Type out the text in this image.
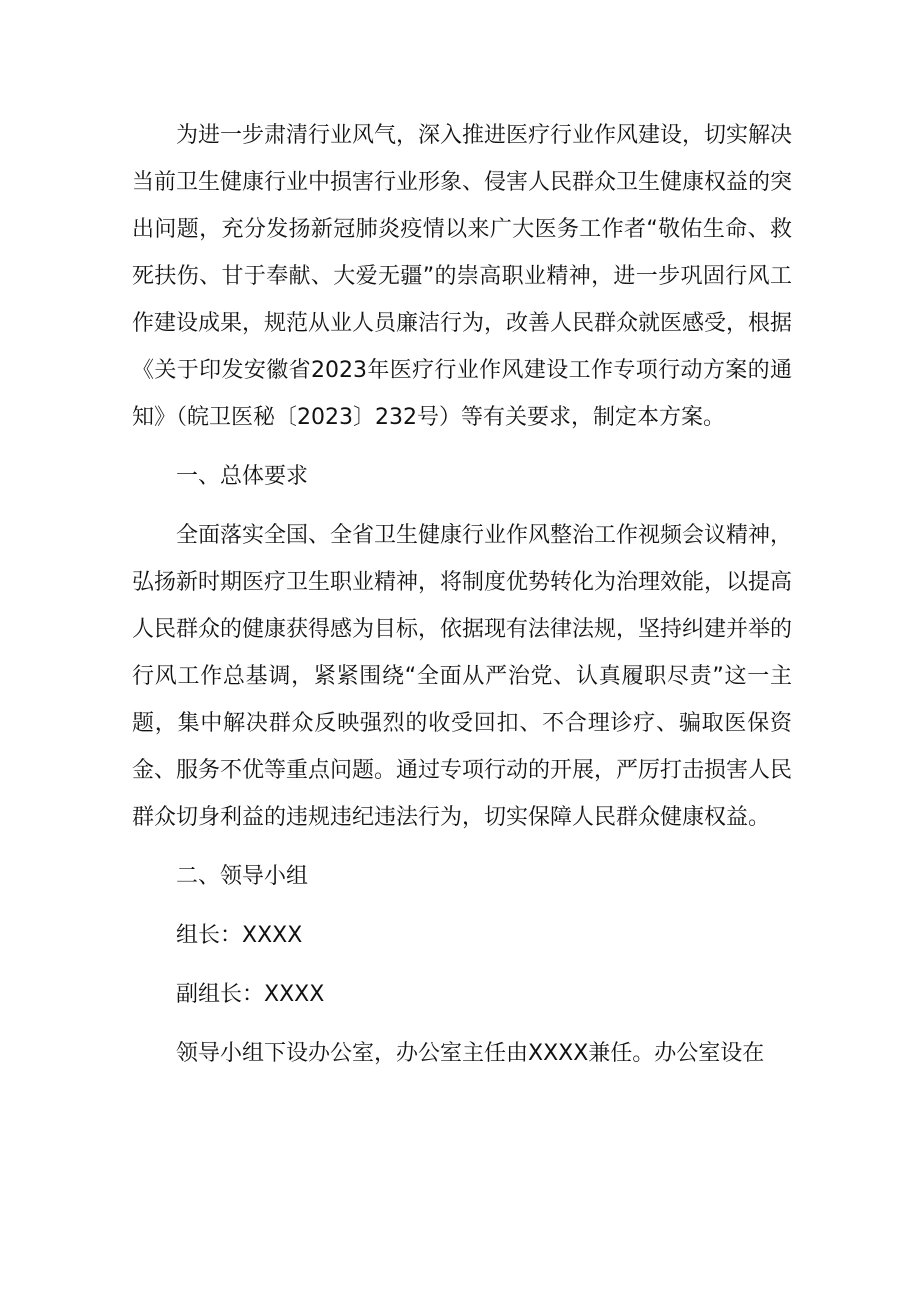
为进一步肃清行业风气，深入推进医疗行业作风建设，切实解决当前卫生健康行业中损害行业形象、侵害人民群众卫生健康权益的突出问题，充分发扬新冠肺炎疫情以来广大医务工作者“敬佑生命、救死扶伤、甘于奉献、大爱无疆”的崇高职业精神，进一步巩固行风工作建设成果，规范从业人员廉洁行为，改善人民群众就医感受，根据《关于印发安徽省2023年医疗行业作风建设工作专项行动方案的通知》（皖卫医秘〔2023〕232号）等有关要求，制定本方案。

一、总体要求

全面落实全国、全省卫生健康行业作风整治工作视频会议精神，弘扬新时期医疗卫生职业精神，将制度优势转化为治理效能，以提高人民群众的健康获得感为目标，依据现有法律法规，坚持纠建并举的行风工作总基调，紧紧围绕“全面从严治党、认真履职尽责”这一主题，集中解决群众反映强烈的收受回扣、不合理诊疗、骗取医保资金、服务不优等重点问题。通过专项行动的开展，严厉打击损害人民群众切身利益的违规违纪违法行为，切实保障人民群众健康权益。

二、领导小组

组长：XXXX

副组长：XXXX

领导小组下设办公室，办公室主任由XXXX兼任。办公室设在
